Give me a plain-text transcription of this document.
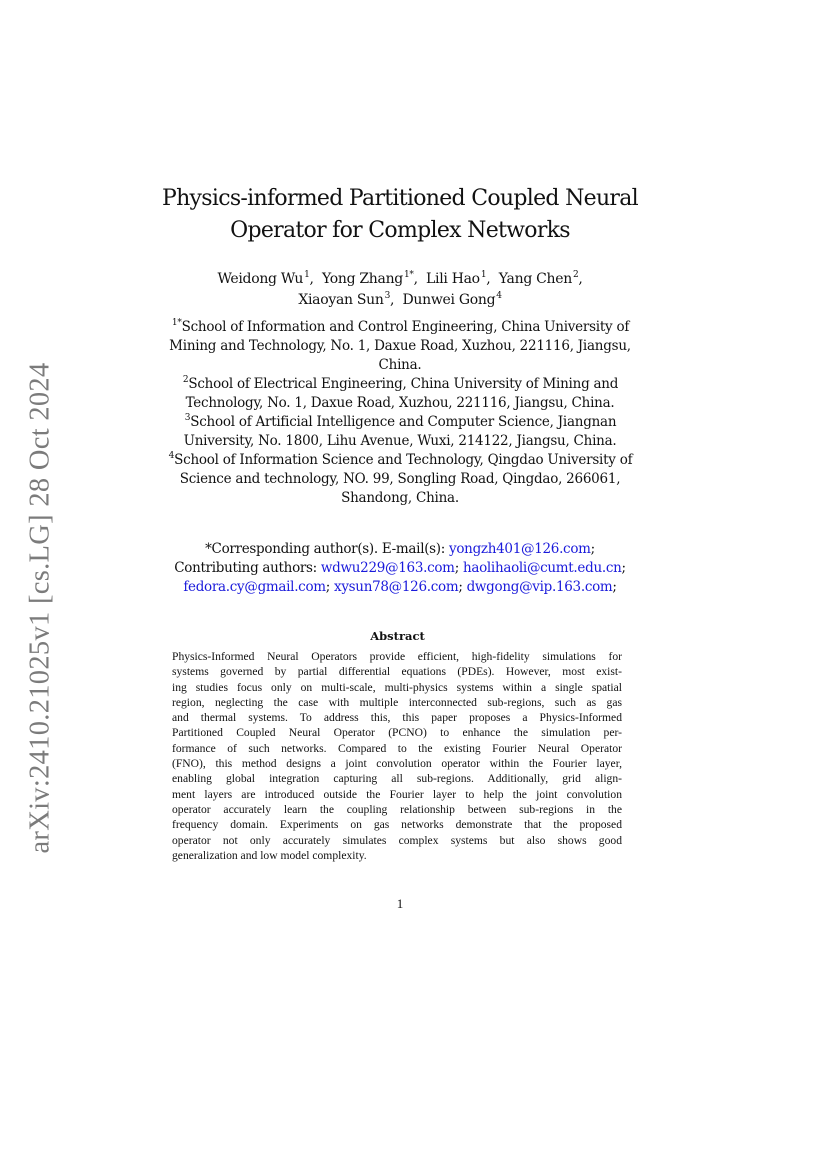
arXiv:2410.21025v1 [cs.LG] 28 Oct 2024
Physics-informed Partitioned Coupled Neural
Operator for Complex Networks
Weidong Wu$^1$,  Yong Zhang$^{1*}$,  Lili Hao$^1$,  Yang Chen$^2$,
Xiaoyan Sun$^3$,  Dunwei Gong$^4$
$^{1*}$School of Information and Control Engineering, China University of
Mining and Technology, No. 1, Daxue Road, Xuzhou, 221116, Jiangsu,
China.
$^2$School of Electrical Engineering, China University of Mining and
Technology, No. 1, Daxue Road, Xuzhou, 221116, Jiangsu, China.
$^3$School of Artificial Intelligence and Computer Science, Jiangnan
University, No. 1800, Lihu Avenue, Wuxi, 214122, Jiangsu, China.
$^4$School of Information Science and Technology, Qingdao University of
Science and technology, NO. 99, Songling Road, Qingdao, 266061,
Shandong, China.
*Corresponding author(s). E-mail(s): yongzh401@126.com;
Contributing authors: wdwu229@163.com; haolihaoli@cumt.edu.cn;
fedora.cy@gmail.com; xysun78@126.com; dwgong@vip.163.com;
Abstract
Physics-Informed Neural Operators provide efficient, high-fidelity simulations for
systems governed by partial differential equations (PDEs). However, most exist-
ing studies focus only on multi-scale, multi-physics systems within a single spatial
region, neglecting the case with multiple interconnected sub-regions, such as gas
and thermal systems. To address this, this paper proposes a Physics-Informed
Partitioned Coupled Neural Operator (PCNO) to enhance the simulation per-
formance of such networks. Compared to the existing Fourier Neural Operator
(FNO), this method designs a joint convolution operator within the Fourier layer,
enabling global integration capturing all sub-regions. Additionally, grid align-
ment layers are introduced outside the Fourier layer to help the joint convolution
operator accurately learn the coupling relationship between sub-regions in the
frequency domain. Experiments on gas networks demonstrate that the proposed
operator not only accurately simulates complex systems but also shows good
generalization and low model complexity.
1
